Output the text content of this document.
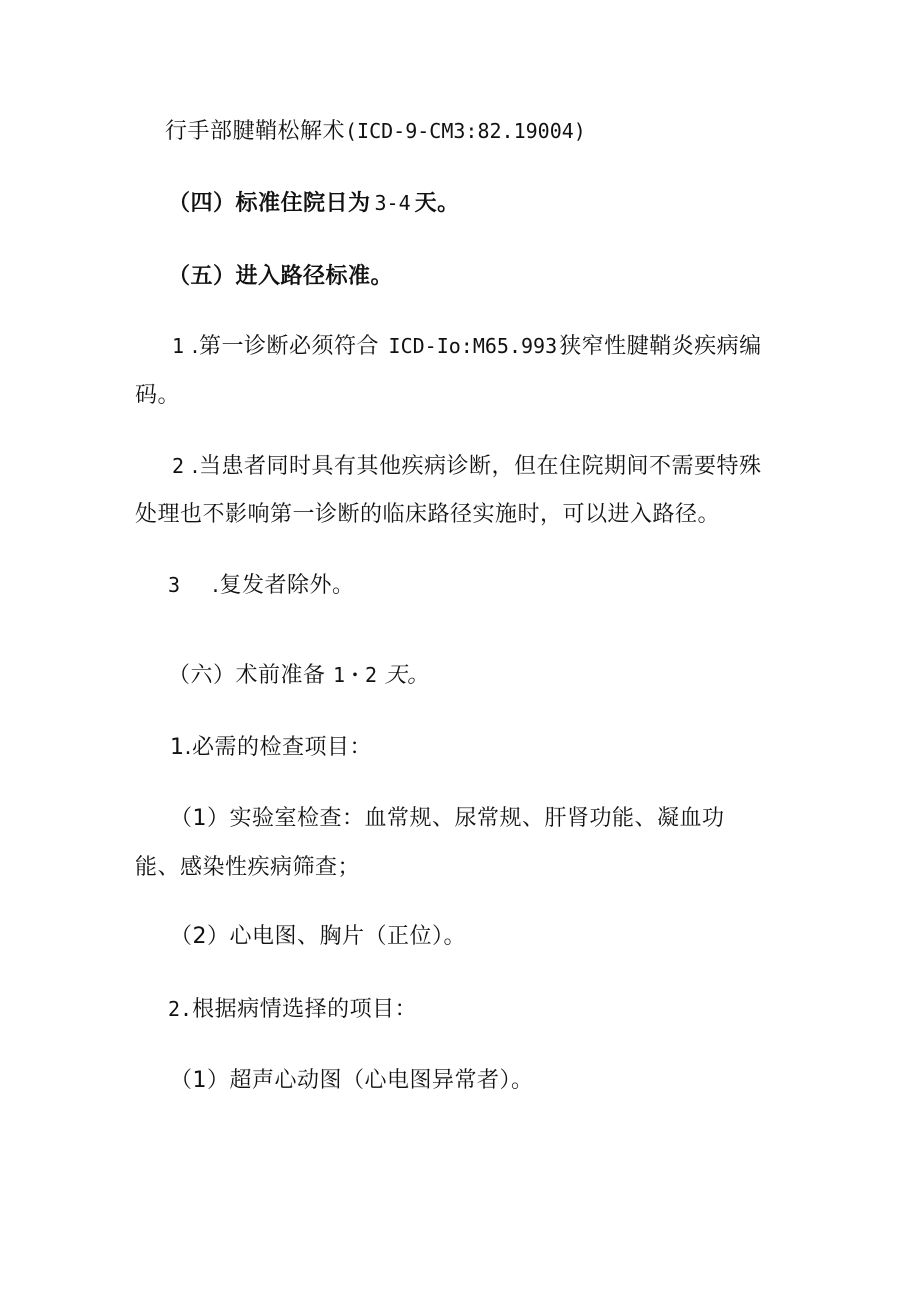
行手部腱鞘松解术(ICD-9-CM3:82.19004)
（四）标准住院日为 3-4 天。
（五）进入路径标准。
1 .第一诊断必须符合 ICD-Io:M65.993狭窄性腱鞘炎疾病编
码。
2 .当患者同时具有其他疾病诊断，但在住院期间不需要特殊
处理也不影响第一诊断的临床路径实施时，可以进入路径。
3 .复发者除外。
（六）术前准备 1・2 天。
1.必需的检查项目：
（1）实验室检查：血常规、尿常规、肝肾功能、凝血功
能、感染性疾病筛查；
（2）心电图、胸片（正位）。
2.根据病情选择的项目：
（1）超声心动图（心电图异常者）。
